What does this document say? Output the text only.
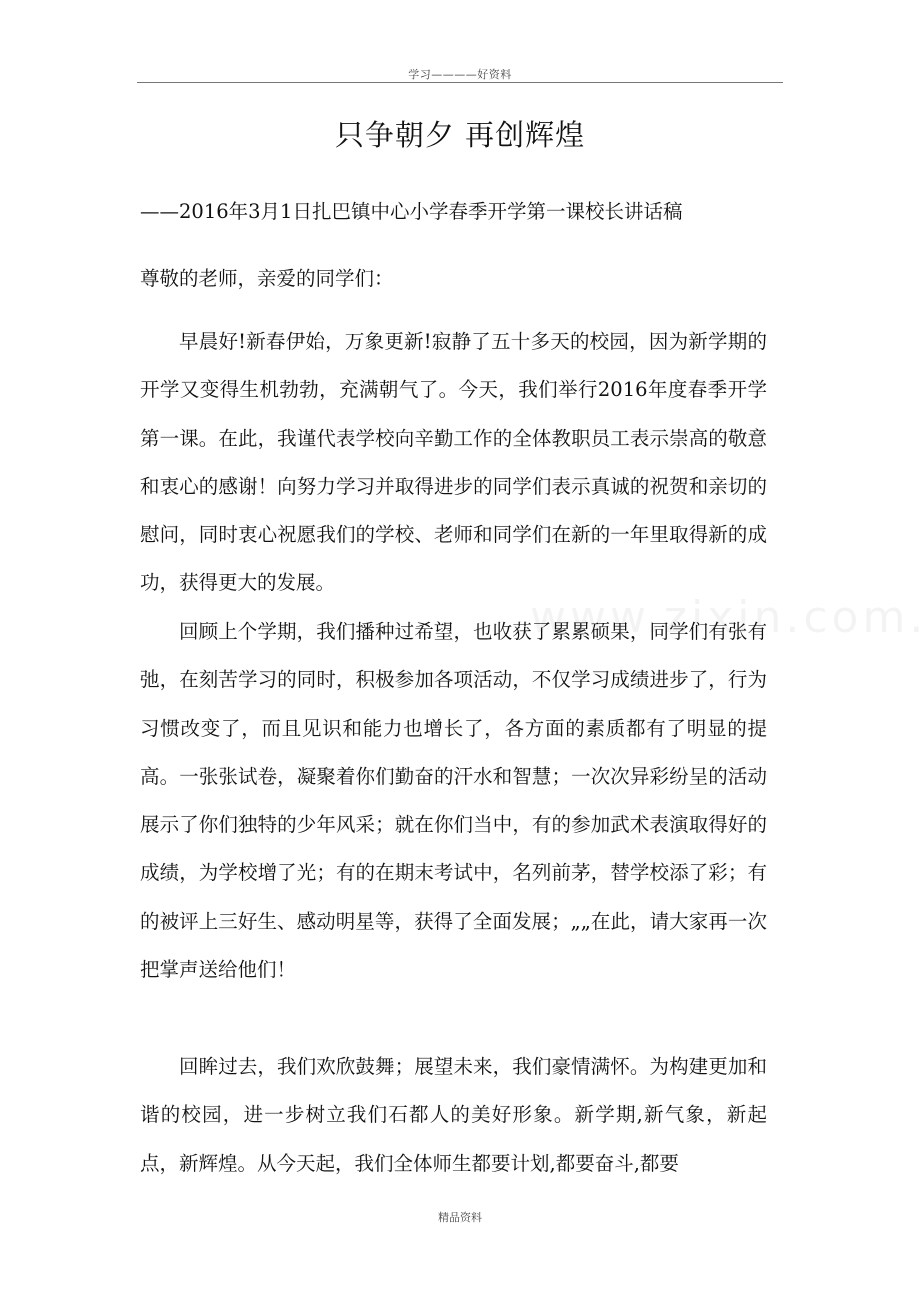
学习————好资料
只争朝夕 再创辉煌
——2016年3月1日扎巴镇中心小学春季开学第一课校长讲话稿
尊敬的老师，亲爱的同学们：

早晨好!新春伊始，万象更新!寂静了五十多天的校园，因为新学期的开学又变得生机勃勃，充满朝气了。今天，我们举行2016年度春季开学第一课。在此，我谨代表学校向辛勤工作的全体教职员工表示崇高的敬意和衷心的感谢！向努力学习并取得进步的同学们表示真诚的祝贺和亲切的慰问，同时衷心祝愿我们的学校、老师和同学们在新的一年里取得新的成功，获得更大的发展。

回顾上个学期，我们播种过希望，也收获了累累硕果，同学们有张有弛，在刻苦学习的同时，积极参加各项活动，不仅学习成绩进步了，行为习惯改变了，而且见识和能力也增长了，各方面的素质都有了明显的提高。一张张试卷，凝聚着你们勤奋的汗水和智慧；一次次异彩纷呈的活动展示了你们独特的少年风采；就在你们当中，有的参加武术表演取得好的成绩，为学校增了光；有的在期末考试中，名列前茅，替学校添了彩；有的被评上三好生、感动明星等，获得了全面发展；„„在此，请大家再一次把掌声送给他们！

回眸过去，我们欢欣鼓舞；展望未来，我们豪情满怀。为构建更加和谐的校园，进一步树立我们石都人的美好形象。新学期,新气象，新起点，新辉煌。从今天起，我们全体师生都要计划,都要奋斗,都要

精品资料
